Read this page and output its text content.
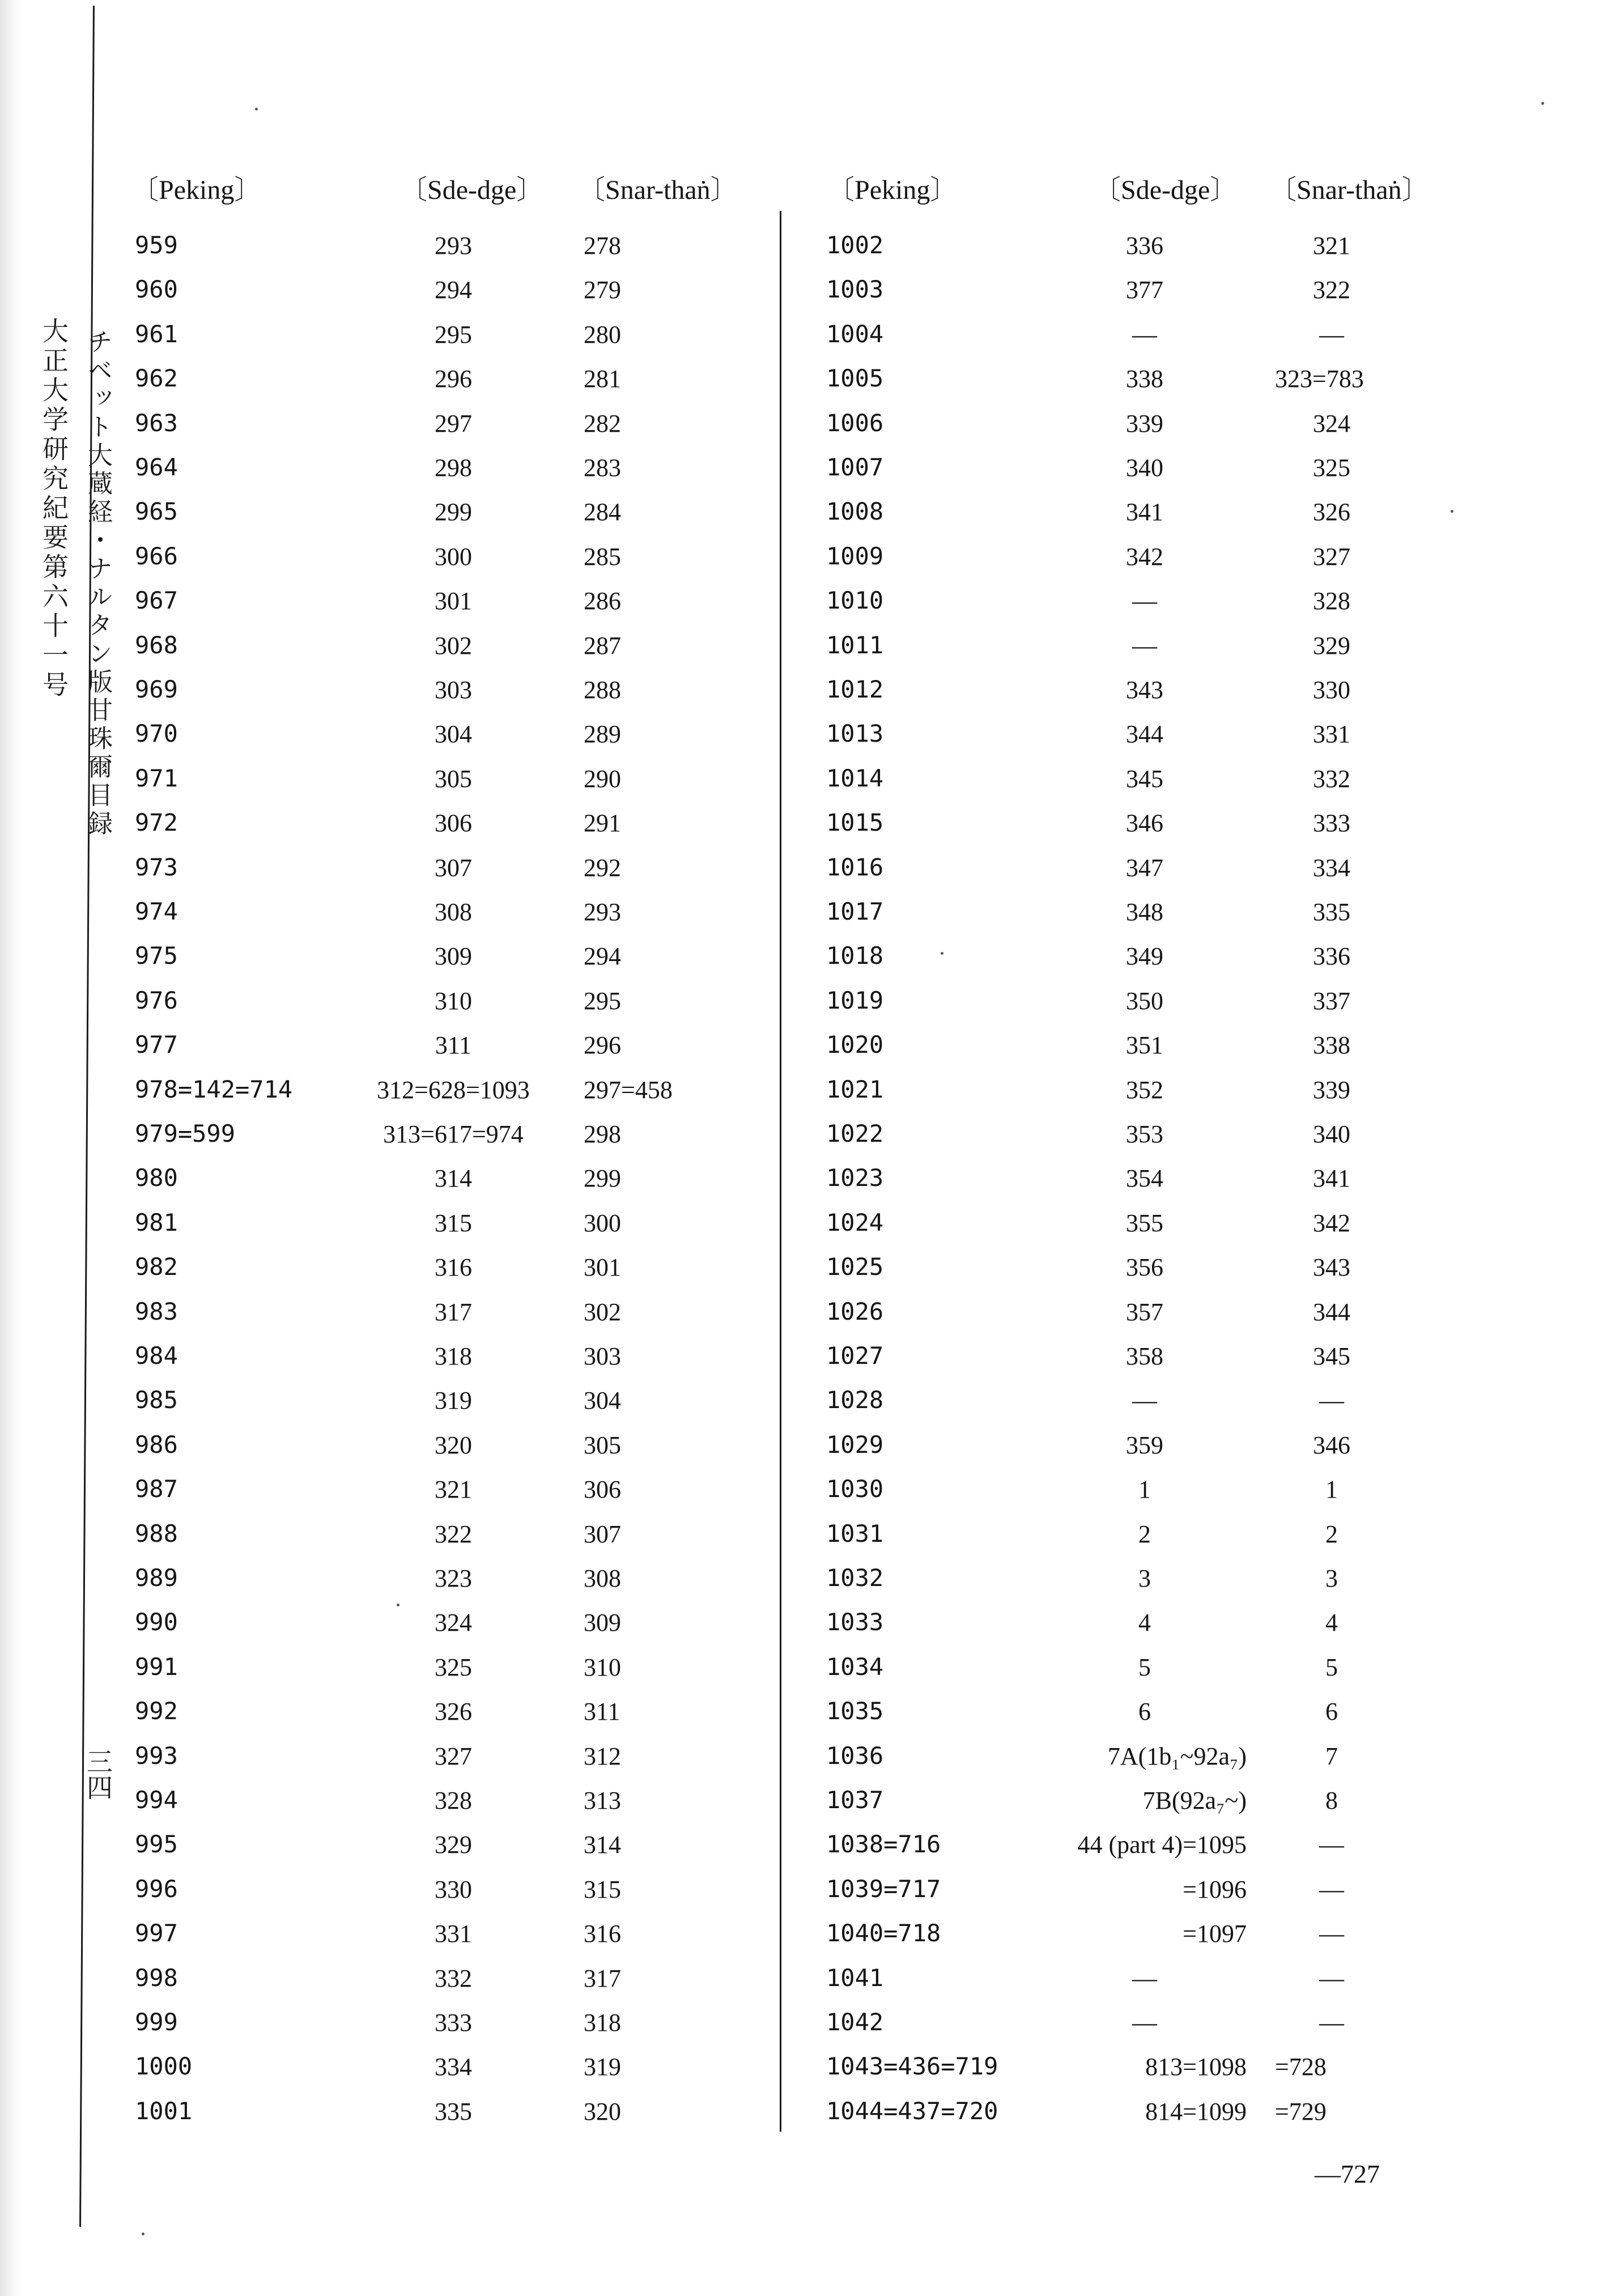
大正大学研究紀要第六十一号 チベット大蔵経・ナルタン版甘珠爾目録
三四
〔Peking〕	〔Sde-dge〕 〔Snar-thaṅ〕	〔Peking〕	〔Sde-dge〕 〔Snar-thaṅ〕
959	293	278
960	294	279
961	295	280
962	296	281
963	297	282
964	298	283
965	299	284
966	300	285
967	301	286
968	302	287
969	303	288
970	304	289
971	305	290
972	306	291
973	307	292
974	308	293
975	309	294
976	310	295
977	311	296
978=142=714	312=628=1093	297=458
979=599	313=617=974	298
980	314	299
981	315	300
982	316	301
983	317	302
984	318	303
985	319	304
986	320	305
987	321	306
988	322	307
989	323	308
990	324	309
991	325	310
992	326	311
993	327	312
994	328	313
995	329	314
996	330	315
997	331	316
998	332	317
999	333	318
1000	334	319
1001	335	320
1002	336	321
1003	377	322
1004	—	—
1005	338	323=783
1006	339	324
1007	340	325
1008	341	326
1009	342	327
1010	—	328
1011	—	329
1012	343	330
1013	344	331
1014	345	332
1015	346	333
1016	347	334
1017	348	335
1018	349	336
1019	350	337
1020	351	338
1021	352	339
1022	353	340
1023	354	341
1024	355	342
1025	356	343
1026	357	344
1027	358	345
1028	—	—
1029	359	346
1030	1	1
1031	2	2
1032	3	3
1033	4	4
1034	5	5
1035	6	6
1036	7A(1b₁~92a₇)	7
1037	7B(92a₇~)	8
1038=716	44 (part 4)=1095	—
1039=717	=1096	—
1040=718	=1097	—
1041	—	—
1042	—	—
1043=436=719	813=1098 =728
1044=437=720	814=1099 =729
—727
